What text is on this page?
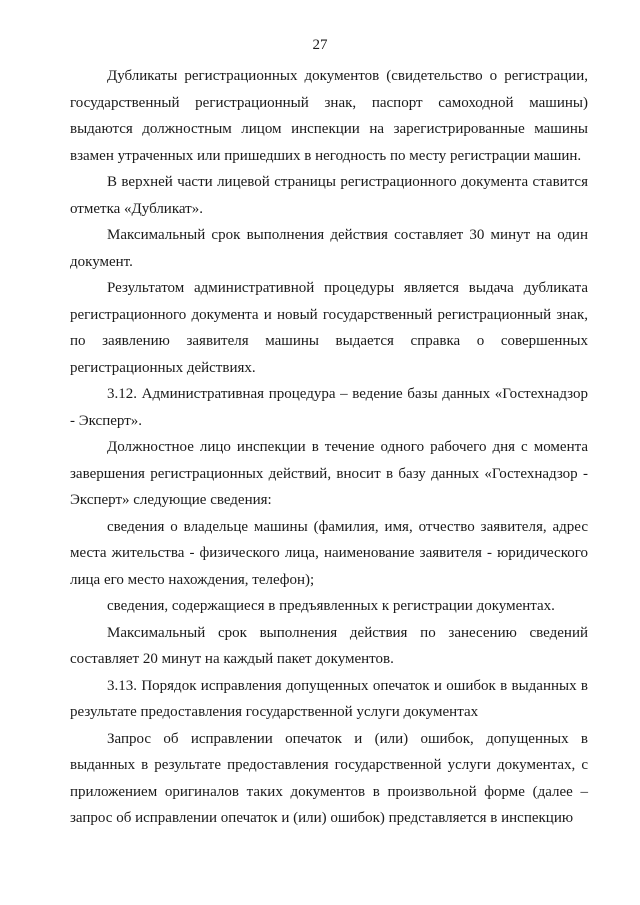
27

Дубликаты регистрационных документов (свидетельство о регистрации, государственный регистрационный знак, паспорт самоходной машины) выдаются должностным лицом инспекции на зарегистрированные машины взамен утраченных или пришедших в негодность по месту регистрации машин.

В верхней части лицевой страницы регистрационного документа ставится отметка «Дубликат».

Максимальный срок выполнения действия составляет 30 минут на один документ.

Результатом административной процедуры является выдача дубликата регистрационного документа и новый государственный регистрационный знак, по заявлению заявителя машины выдается справка о совершенных регистрационных действиях.

3.12. Административная процедура – ведение базы данных «Гостехнадзор - Эксперт».

Должностное лицо инспекции в течение одного рабочего дня с момента завершения регистрационных действий, вносит в базу данных «Гостехнадзор - Эксперт» следующие сведения:

сведения о владельце машины (фамилия, имя, отчество заявителя, адрес места жительства - физического лица, наименование заявителя - юридического лица его место нахождения, телефон);

сведения, содержащиеся в предъявленных к регистрации документах.

Максимальный срок выполнения действия по занесению сведений составляет 20 минут на каждый пакет документов.

3.13. Порядок исправления допущенных опечаток и ошибок в выданных в результате предоставления государственной услуги документах

Запрос об исправлении опечаток и (или) ошибок, допущенных в выданных в результате предоставления государственной услуги документах, с приложением оригиналов таких документов в произвольной форме (далее – запрос об исправлении опечаток и (или) ошибок) представляется в инспекцию
